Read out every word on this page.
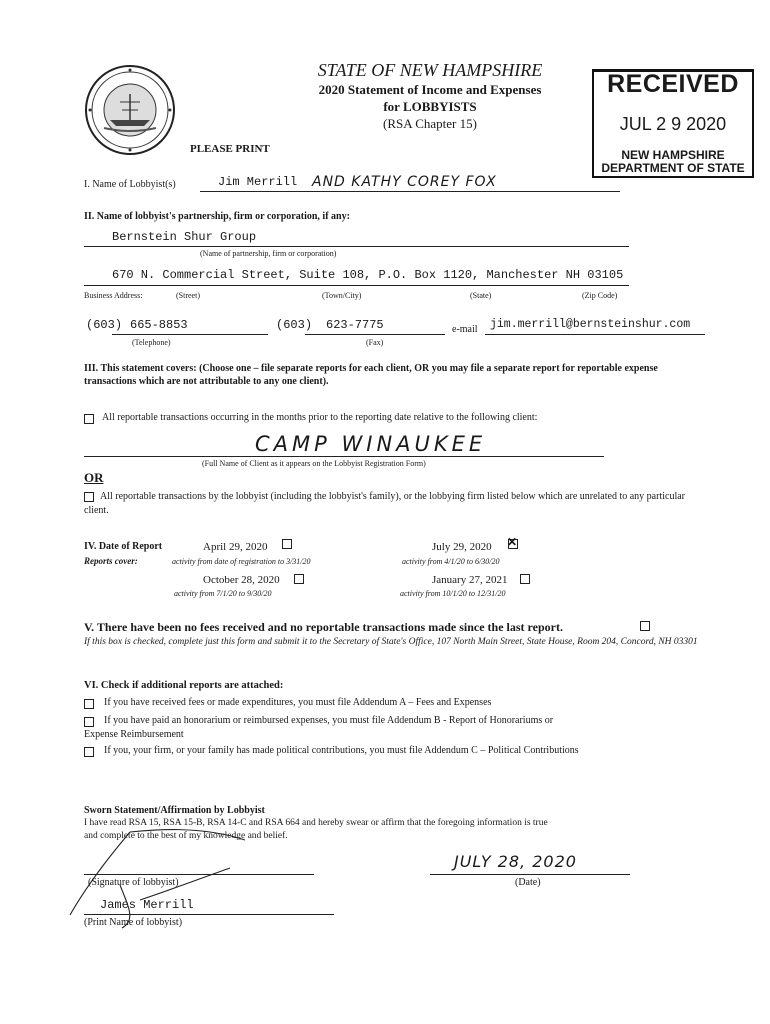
STATE OF NEW HAMPSHIRE
2020 Statement of Income and Expenses
for LOBBYISTS
(RSA Chapter 15)
PLEASE PRINT
RECEIVED
JUL 2 9 2020
NEW HAMPSHIRE
DEPARTMENT OF STATE
I. Name of Lobbyist(s)	Jim Merrill AND KATHY COREY FOX
II. Name of lobbyist's partnership, firm or corporation, if any:
Bernstein Shur Group
(Name of partnership, firm or corporation)
670 N. Commercial Street, Suite 108, P.O. Box 1120, Manchester NH 03105
Business Address:	(Street)	(Town/City)	(State)	(Zip Code)
(603) 665-8853
(Telephone)
(603) 623-7775
(Fax)
e-mail jim.merrill@bernsteinshur.com
III. This statement covers: (Choose one – file separate reports for each client, OR you may file a separate report for reportable expense transactions which are not attributable to any one client).
All reportable transactions occurring in the months prior to the reporting date relative to the following client:
CAMP WINAUKEE
(Full Name of Client as it appears on the Lobbyist Registration Form)
OR
All reportable transactions by the lobbyist (including the lobbyist's family), or the lobbying firm listed below which are unrelated to any particular client.
IV. Date of Report
Reports cover:
April 29, 2020
activity from date of registration to 3/31/20
July 29, 2020 ✕
activity from 4/1/20 to 6/30/20
October 28, 2020
activity from 7/1/20 to 9/30/20
January 27, 2021
activity from 10/1/20 to 12/31/20
V. There have been no fees received and no reportable transactions made since the last report.
If this box is checked, complete just this form and submit it to the Secretary of State's Office, 107 North Main Street, State House, Room 204, Concord, NH 03301
VI. Check if additional reports are attached:
If you have received fees or made expenditures, you must file Addendum A – Fees and Expenses
If you have paid an honorarium or reimbursed expenses, you must file Addendum B - Report of Honorariums or
Expense Reimbursement
If you, your firm, or your family has made political contributions, you must file Addendum C – Political Contributions
Sworn Statement/Affirmation by Lobbyist
I have read RSA 15, RSA 15-B, RSA 14-C and RSA 664 and hereby swear or affirm that the foregoing information is true
and complete to the best of my knowledge and belief.
(Signature of lobbyist)
JULY 28, 2020
(Date)
James Merrill
(Print Name of lobbyist)
